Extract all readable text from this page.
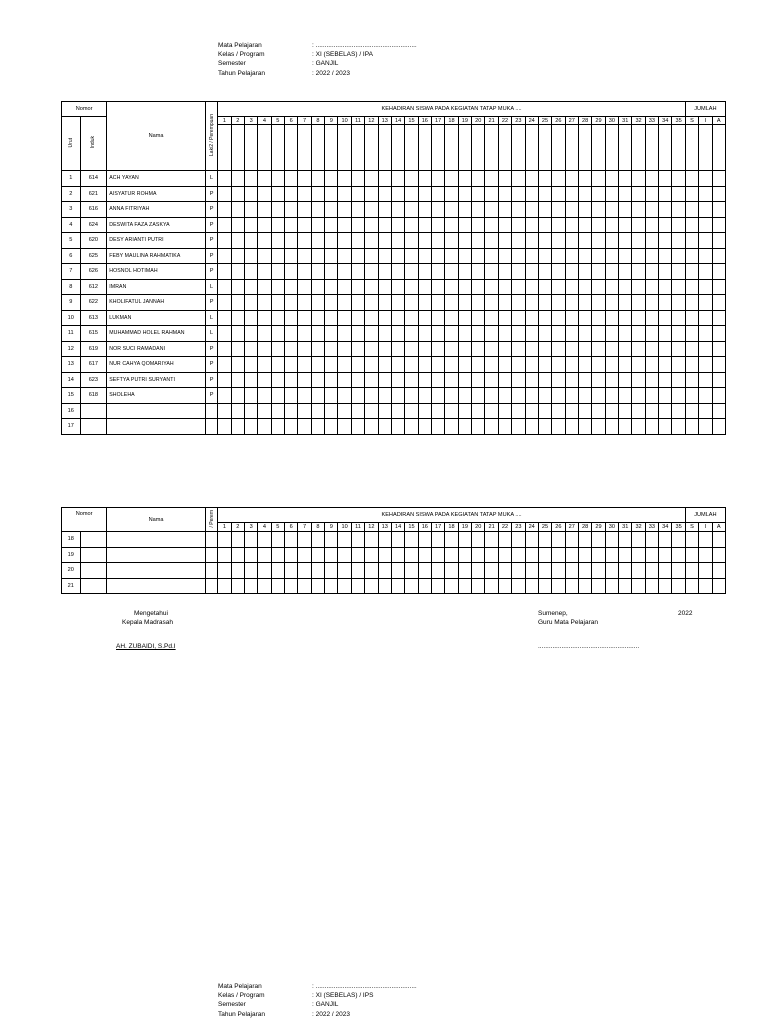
Mata Pelajaran	: ........................................................
Kelas / Program	: XI (SEBELAS) / IPA
Semester	: GANJIL
Tahun Pelajaran	: 2022 / 2023
Nomor		Nama	Laki2 / Perempuan	KEHADIRAN SISWA PADA KEGIATAN TATAP MUKA ....																																			JUMLAH		
Urut	Induk			1	2	3	4	5	6	7	8	9	10	11	12	13	14	15	16	17	18	19	20	21	22	23	24	25	26	27	28	29	30	31	32	33	34	35	S	I	A

1	614	ACH YAYAN	L																																						
2	621	AISYATUR ROHMA	P																																						
3	616	ANNA FITRIYAH	P																																						
4	624	DESWITA FAZA ZASKYA	P																																						
5	620	DESY ARIANTI PUTRI	P																																						
6	625	FEBY MAULINA RAHMATIKA	P																																						
7	626	HOSNOL HOTIMAH	P																																						
8	612	IMRAN	L																																						
9	622	KHOLIFATUL JANNAH	P																																						
10	613	LUKMAN	L																																						
11	615	MUHAMMAD HOLEL RAHMAN	L																																						
12	619	NOR SUCI RAMADANI	P																																						
13	617	NUR CAHYA QOMARIYAH	P																																						
14	623	SEFTYA PUTRI SURYANTI	P																																						
15	618	SHOLEHA	P																																						
16																																									
17																																									
Nomor		Nama	/ Perem	KEHADIRAN SISWA PADA KEGIATAN TATAP MUKA ....																																			JUMLAH		
				1	2	3	4	5	6	7	8	9	10	11	12	13	14	15	16	17	18	19	20	21	22	23	24	25	26	27	28	29	30	31	32	33	34	35	S	I	A
18																																									
19																																									
20																																									
21																																									
Mengetahui
Kepala Madrasah
AH. ZUBAIDI, S.Pd.I
Sumenep,
Guru Mata Pelajaran
........................................................
2022
Mata Pelajaran	: ........................................................
Kelas / Program	: XI (SEBELAS) / IPS
Semester	: GANJIL
Tahun Pelajaran	: 2022 / 2023
